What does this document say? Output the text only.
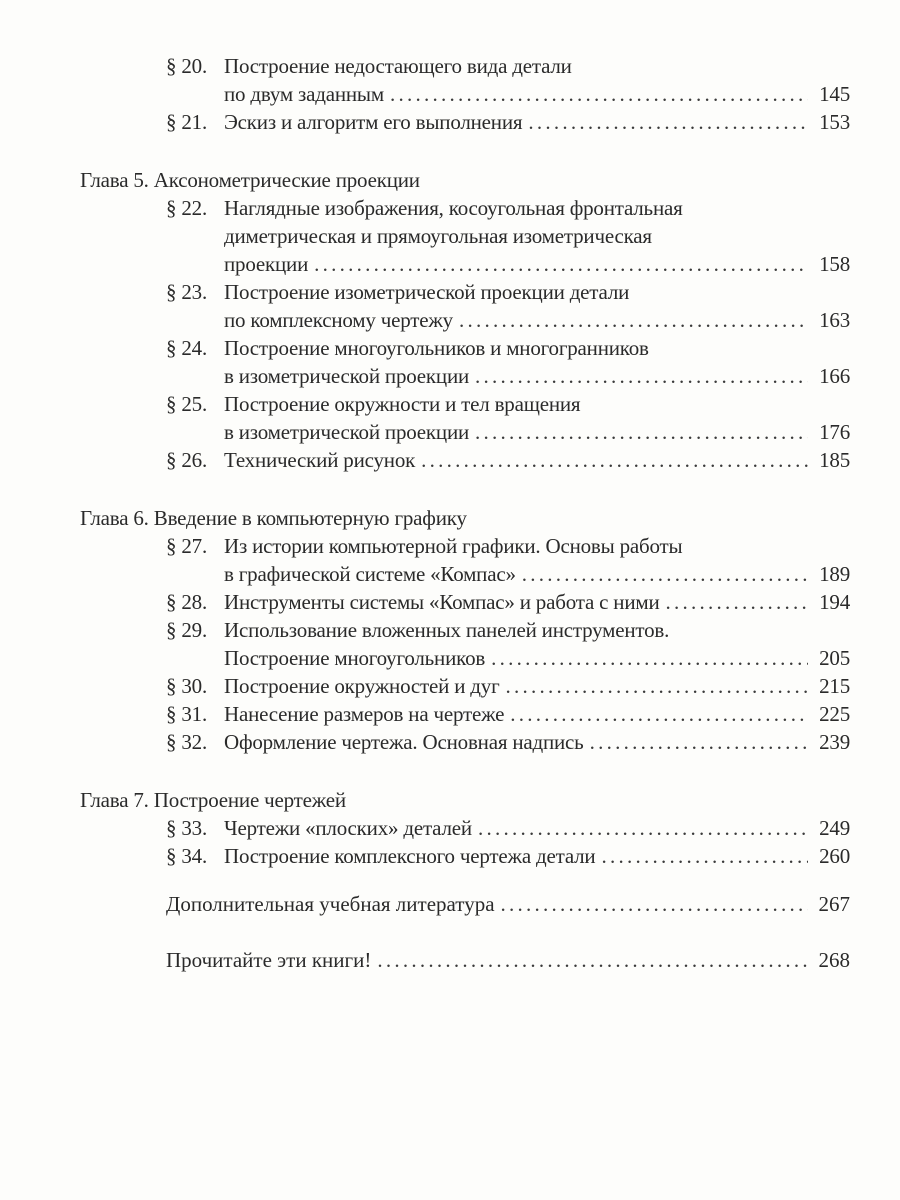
§ 20. Построение недостающего вида детали
по двум заданным . . .	145
§ 21. Эскиз и алгоритм его выполнения . . .	153
Глава 5. Аксонометрические проекции
§ 22. Наглядные изображения, косоугольная фронтальная
диметрическая и прямоугольная изометрическая
проекции . . .	158
§ 23. Построение изометрической проекции детали
по комплексному чертежу . . .	163
§ 24. Построение многоугольников и многогранников
в изометрической проекции . . .	166
§ 25. Построение окружности и тел вращения
в изометрической проекции . . .	176
§ 26. Технический рисунок . . .	185
Глава 6. Введение в компьютерную графику
§ 27. Из истории компьютерной графики. Основы работы
в графической системе «Компас» . . .	189
§ 28. Инструменты системы «Компас» и работа с ними . . .	194
§ 29. Использование вложенных панелей инструментов.
Построение многоугольников . . .	205
§ 30. Построение окружностей и дуг . . .	215
§ 31. Нанесение размеров на чертеже . . .	225
§ 32. Оформление чертежа. Основная надпись . . .	239
Глава 7. Построение чертежей
§ 33. Чертежи «плоских» деталей . . .	249
§ 34. Построение комплексного чертежа детали . . .	260
Дополнительная учебная литература . . .	267
Прочитайте эти книги! . . .	268
